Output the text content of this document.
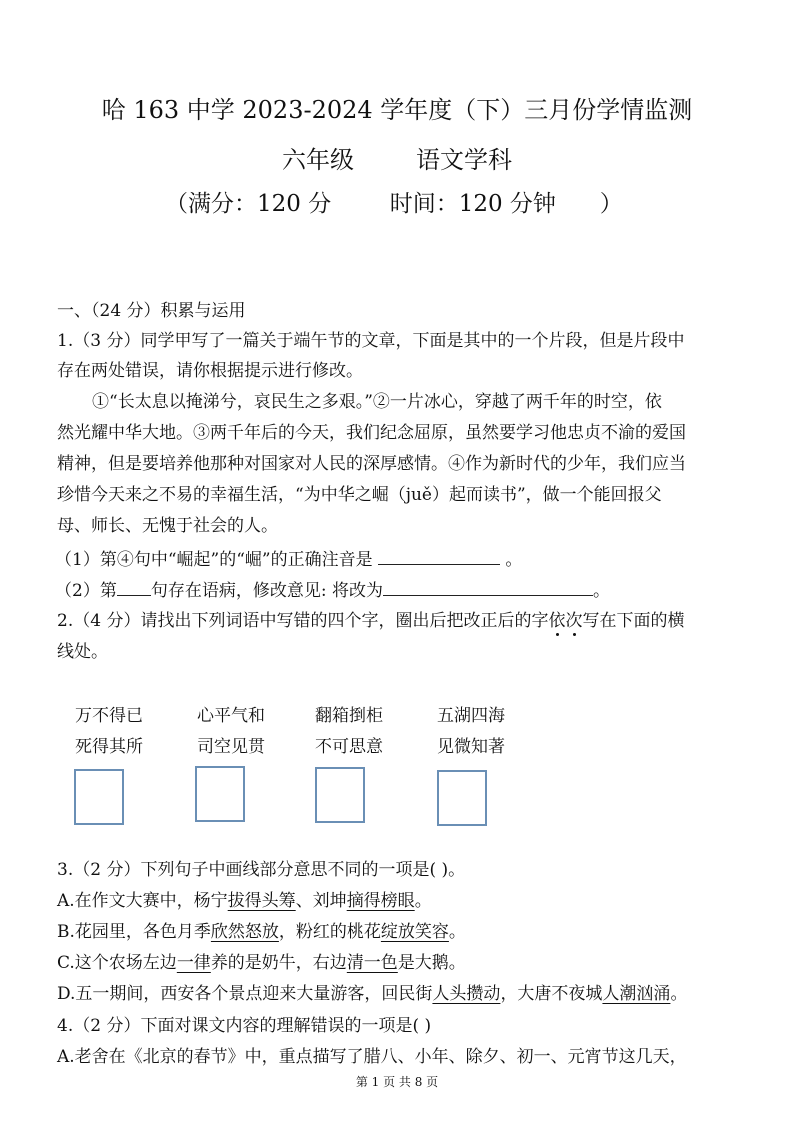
哈 163 中学 2023-2024 学年度（下）三月份学情监测
六年级	语文学科
（满分：120 分        时间：120 分钟      ）
一、（24 分）积累与运用
1.（3 分）同学甲写了一篇关于端午节的文章，下面是其中的一个片段，但是片段中
存在两处错误，请你根据提示进行修改。
①“长太息以掩涕兮，哀民生之多艰。”②一片冰心，穿越了两千年的时空，依
然光耀中华大地。③两千年后的今天，我们纪念屈原，虽然要学习他忠贞不渝的爱国
精神，但是要培养他那种对国家对人民的深厚感情。④作为新时代的少年，我们应当
珍惜今天来之不易的幸福生活，“为中华之崛（juě）起而读书”，做一个能回报父
母、师长、无愧于社会的人。
（1）第④句中“崛起”的“崛”的正确注音是	。
（2）第 句存在语病，修改意见: 将改为	。
2.（4 分）请找出下列词语中写错的四个字，圈出后把改正后的字依次写在下面的横
线处。
万不得已	心平气和	翻箱捯柜	五湖四海
死得其所	司空见贯	不可思意	见微知著
3.（2 分）下列句子中画线部分意思不同的一项是( )。
A.在作文大赛中，杨宁拔得头筹、刘坤摘得榜眼。
B.花园里，各色月季欣然怒放，粉红的桃花绽放笑容。
C.这个农场左边一律养的是奶牛，右边清一色是大鹅。
D.五一期间，西安各个景点迎来大量游客，回民街人头攒动，大唐不夜城人潮汹涌。
4.（2 分）下面对课文内容的理解错误的一项是( )
A.老舍在《北京的春节》中，重点描写了腊八、小年、除夕、初一、元宵节这几天，
第 1 页 共 8 页
